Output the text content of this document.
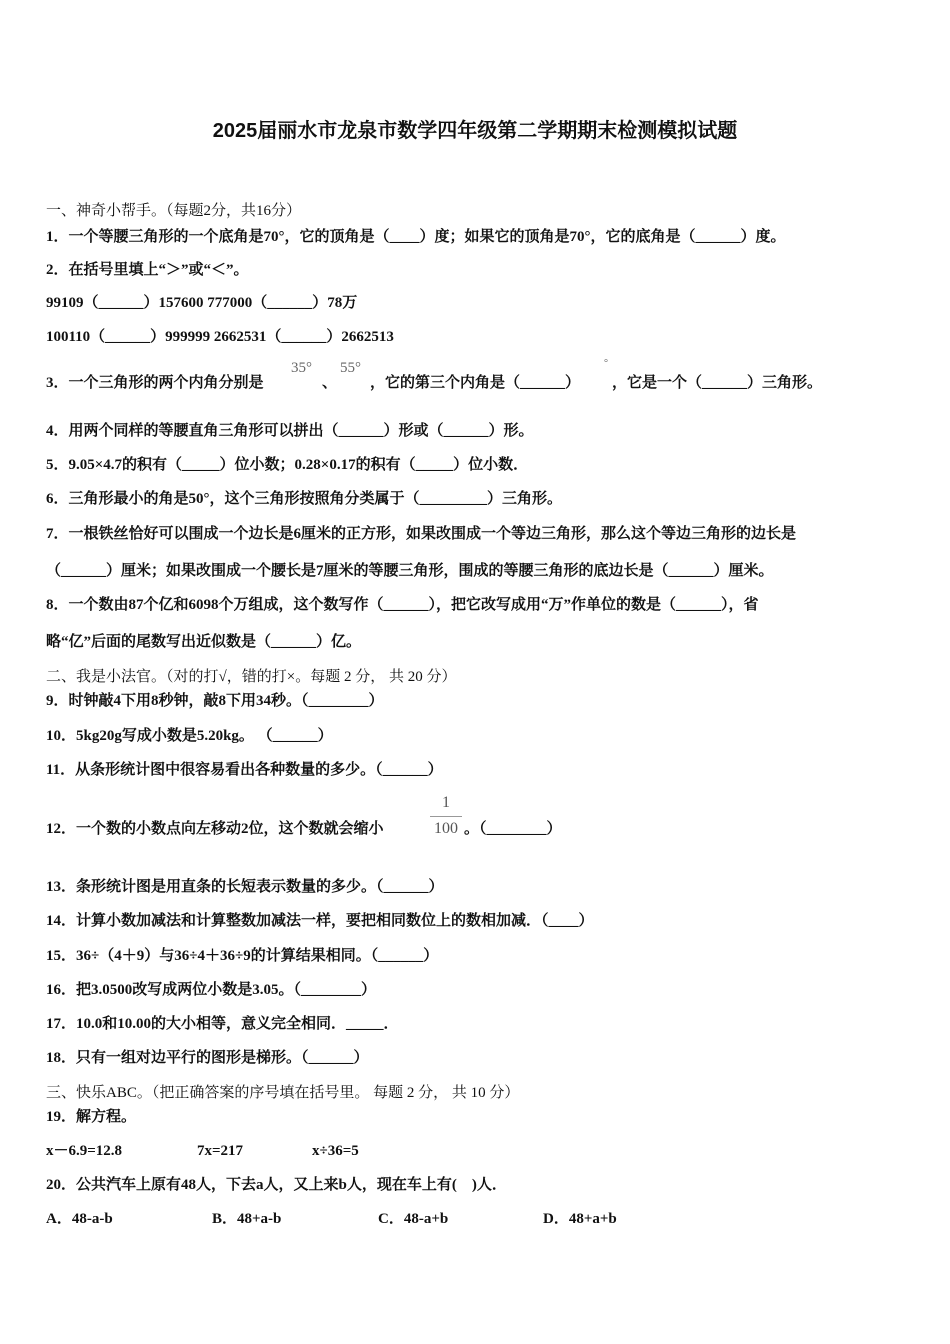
2025届丽水市龙泉市数学四年级第二学期期末检测模拟试题
一、神奇小帮手。（每题2分，共16分）
1．一个等腰三角形的一个底角是70°，它的顶角是（____）度；如果它的顶角是70°，它的底角是（______）度。
2．在括号里填上“＞”或“＜”。
99109（______）157600 777000（______）78万
100110（______）999999 2662531（______）2662513
3．一个三角形的两个内角分别是
35°
、
55°
，它的第三个内角是（______）
°
，它是一个（______）三角形。
4．用两个同样的等腰直角三角形可以拼出（______）形或（______）形。
5．9.05×4.7的积有（_____）位小数；0.28×0.17的积有（_____）位小数．
6．三角形最小的角是50°，这个三角形按照角分类属于（_________）三角形。
7．一根铁丝恰好可以围成一个边长是6厘米的正方形，如果改围成一个等边三角形，那么这个等边三角形的边长是
（______）厘米；如果改围成一个腰长是7厘米的等腰三角形，围成的等腰三角形的底边长是（______）厘米。
8．一个数由87个亿和6098个万组成，这个数写作（______），把它改写成用“万”作单位的数是（______），省
略“亿”后面的尾数写出近似数是（______）亿。
二、我是小法官。（对的打√，错的打×。每题 2 分， 共 20 分）
9．时钟敲4下用8秒钟，敲8下用34秒。（________）
10．5kg20g写成小数是5.20kg。 （______）
11．从条形统计图中很容易看出各种数量的多少。（______）
12．一个数的小数点向左移动2位，这个数就会缩小
1
100 。（________）
13．条形统计图是用直条的长短表示数量的多少。（______）
14．计算小数加减法和计算整数加减法一样，要把相同数位上的数相加减．（____）
15．36÷（4＋9）与36÷4＋36÷9的计算结果相同。（______）
16．把3.0500改写成两位小数是3.05。（________）
17．10.0和10.00的大小相等，意义完全相同．_____．
18．只有一组对边平行的图形是梯形。（______）
三、快乐ABC。（把正确答案的序号填在括号里。 每题 2 分， 共 10 分）
19．解方程。
x－6.9=12.8	7x=217	x÷36=5
20．公共汽车上原有48人，下去a人，又上来b人，现在车上有(　)人．
A．48-a-b	B．48+a-b	C．48-a+b	D．48+a+b
